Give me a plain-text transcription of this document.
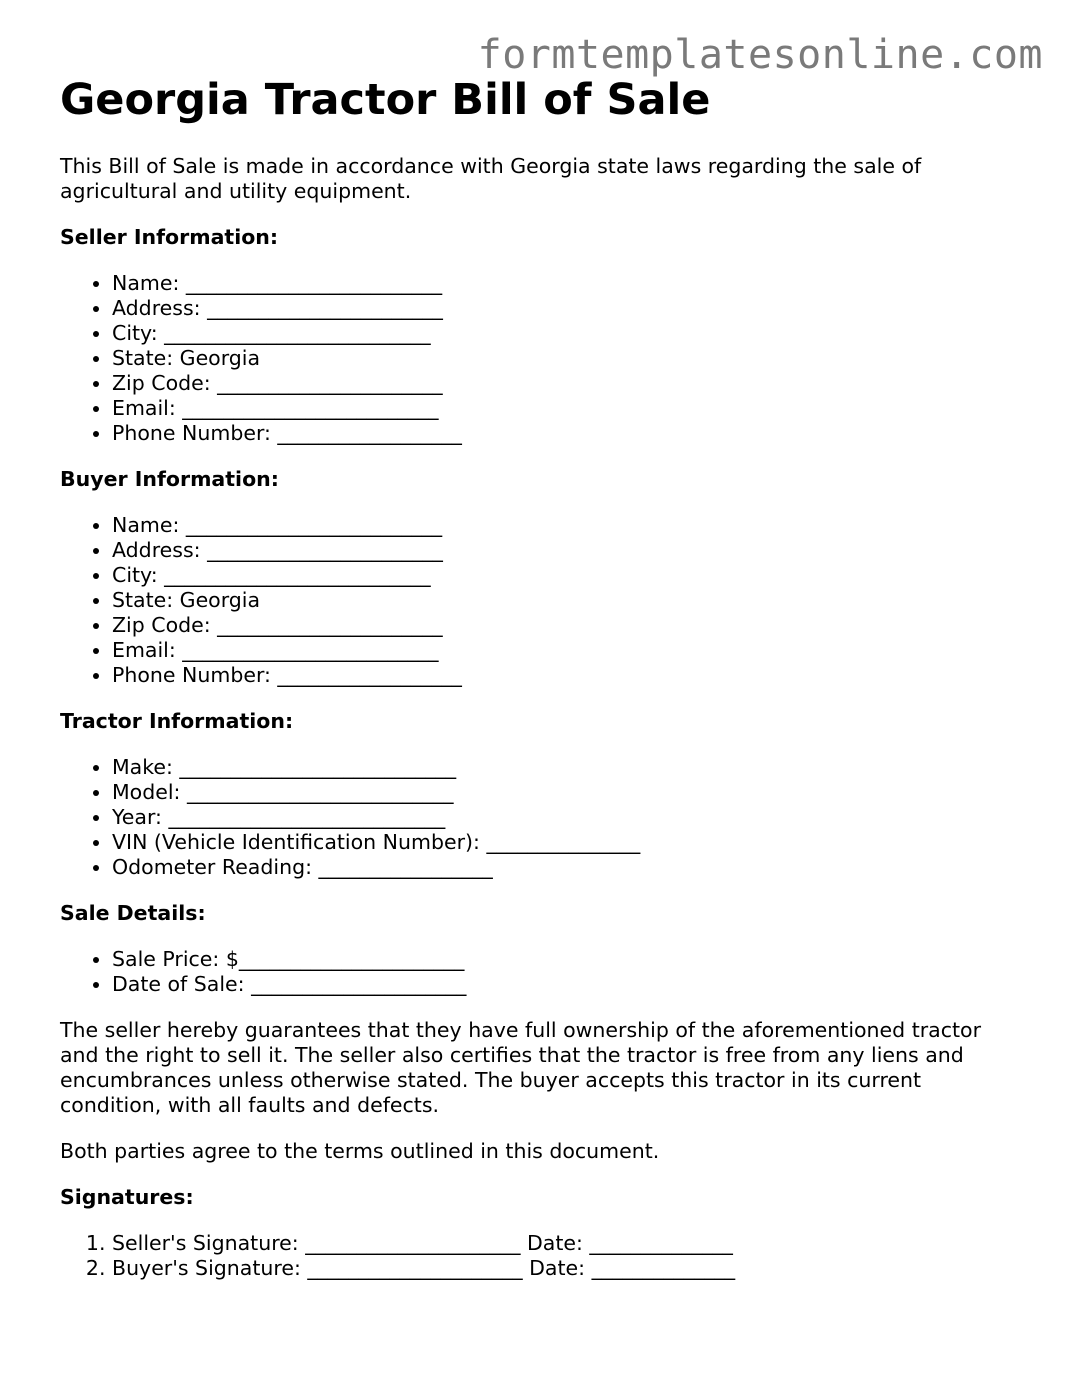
formtemplatesonline.com
Georgia Tractor Bill of Sale

This Bill of Sale is made in accordance with Georgia state laws regarding the sale of agricultural and utility equipment.

Seller Information:
• Name: _________________________
• Address: _______________________
• City: __________________________
• State: Georgia
• Zip Code: ______________________
• Email: _________________________
• Phone Number: __________________
Buyer Information:
• Name: _________________________
• Address: _______________________
• City: __________________________
• State: Georgia
• Zip Code: ______________________
• Email: _________________________
• Phone Number: __________________
Tractor Information:
• Make: ___________________________
• Model: __________________________
• Year: ___________________________
• VIN (Vehicle Identification Number): _______________
• Odometer Reading: _________________
Sale Details:
• Sale Price: $______________________
• Date of Sale: _____________________

The seller hereby guarantees that they have full ownership of the aforementioned tractor and the right to sell it. The seller also certifies that the tractor is free from any liens and encumbrances unless otherwise stated. The buyer accepts this tractor in its current condition, with all faults and defects.

Both parties agree to the terms outlined in this document.

Signatures:
1. Seller's Signature: _____________________ Date: ______________
2. Buyer's Signature: _____________________ Date: ______________
